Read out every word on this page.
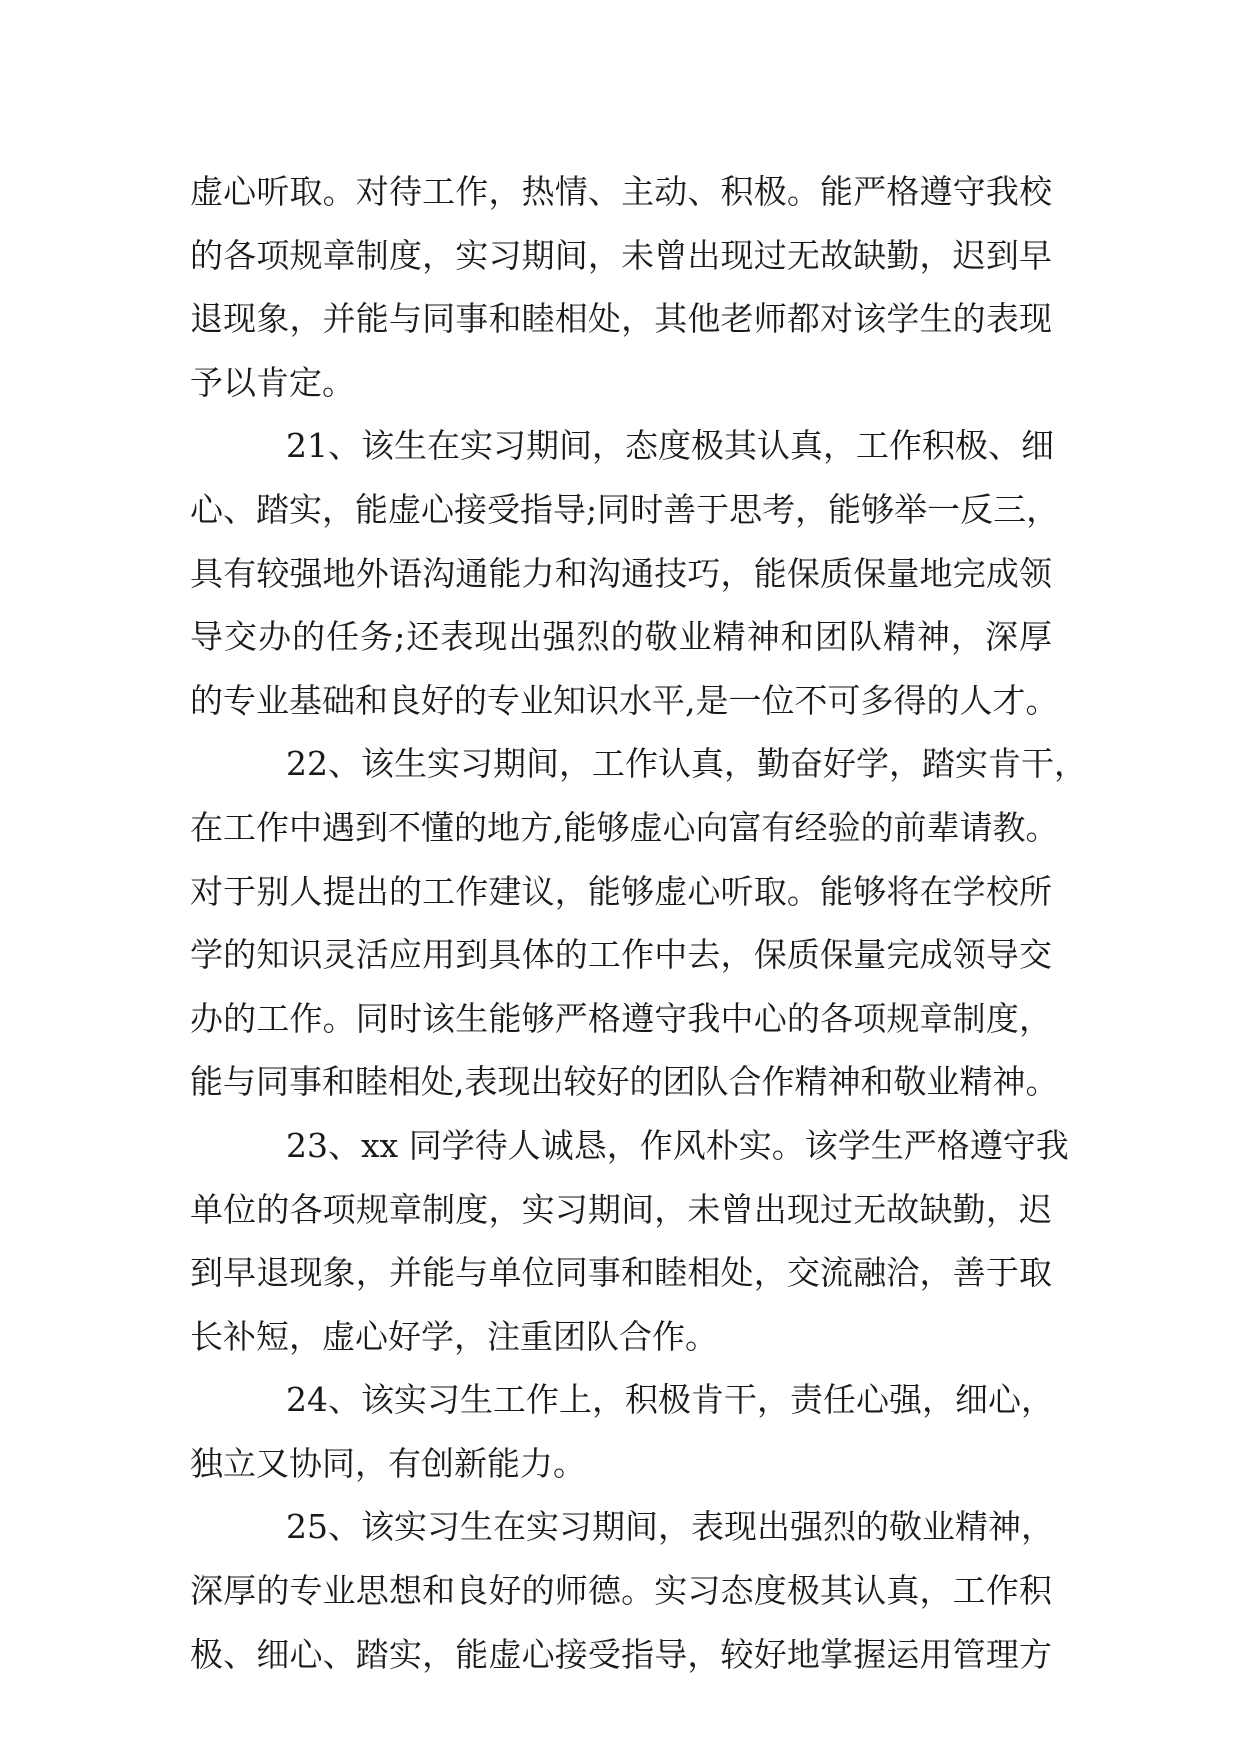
虚心听取。对待工作，热情、主动、积极。能严格遵守我校
的各项规章制度，实习期间，未曾出现过无故缺勤，迟到早
退现象，并能与同事和睦相处，其他老师都对该学生的表现
予以肯定。
21、该生在实习期间，态度极其认真，工作积极、细
心、踏实，能虚心接受指导;同时善于思考，能够举一反三，
具有较强地外语沟通能力和沟通技巧，能保质保量地完成领
导交办的任务;还表现出强烈的敬业精神和团队精神，深厚
的专业基础和良好的专业知识水平,是一位不可多得的人才。
22、该生实习期间，工作认真，勤奋好学，踏实肯干，
在工作中遇到不懂的地方,能够虚心向富有经验的前辈请教。
对于别人提出的工作建议，能够虚心听取。能够将在学校所
学的知识灵活应用到具体的工作中去，保质保量完成领导交
办的工作。同时该生能够严格遵守我中心的各项规章制度，
能与同事和睦相处,表现出较好的团队合作精神和敬业精神。
23、xx 同学待人诚恳，作风朴实。该学生严格遵守我
单位的各项规章制度，实习期间，未曾出现过无故缺勤，迟
到早退现象，并能与单位同事和睦相处，交流融洽，善于取
长补短，虚心好学，注重团队合作。
24、该实习生工作上，积极肯干，责任心强，细心，
独立又协同，有创新能力。
25、该实习生在实习期间，表现出强烈的敬业精神，
深厚的专业思想和良好的师德。实习态度极其认真，工作积
极、细心、踏实，能虚心接受指导，较好地掌握运用管理方
